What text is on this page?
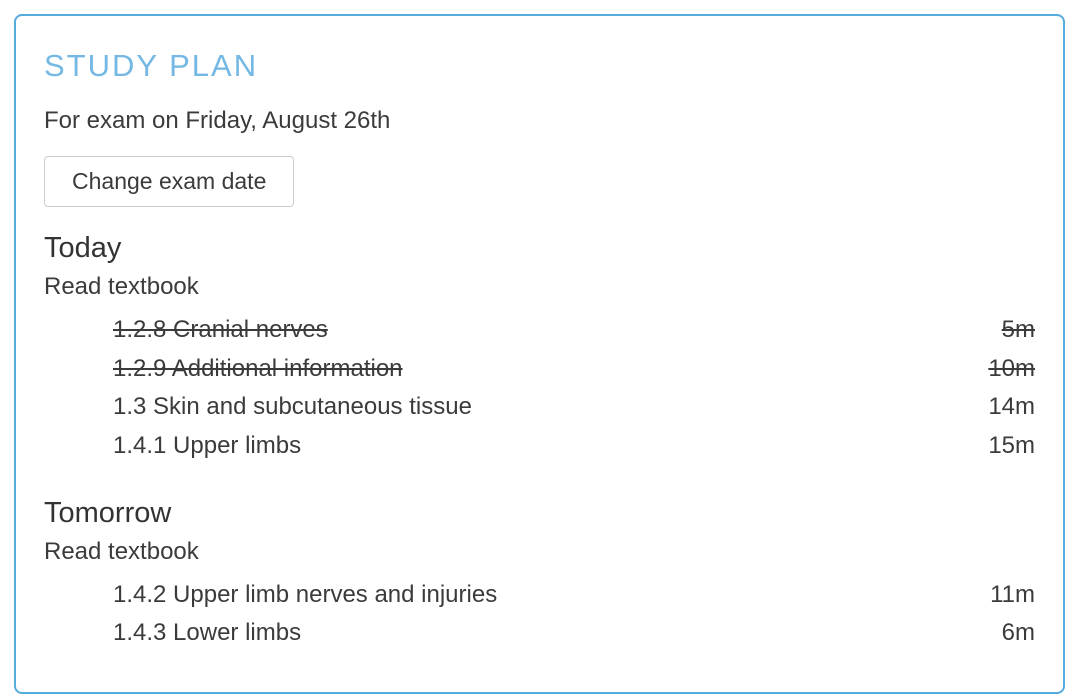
STUDY PLAN
For exam on Friday, August 26th
Change exam date
Today
Read textbook
1.2.8 Cranial nerves	5m
1.2.9 Additional information	10m
1.3 Skin and subcutaneous tissue	14m
1.4.1 Upper limbs	15m
Tomorrow
Read textbook
1.4.2 Upper limb nerves and injuries	11m
1.4.3 Lower limbs	6m
